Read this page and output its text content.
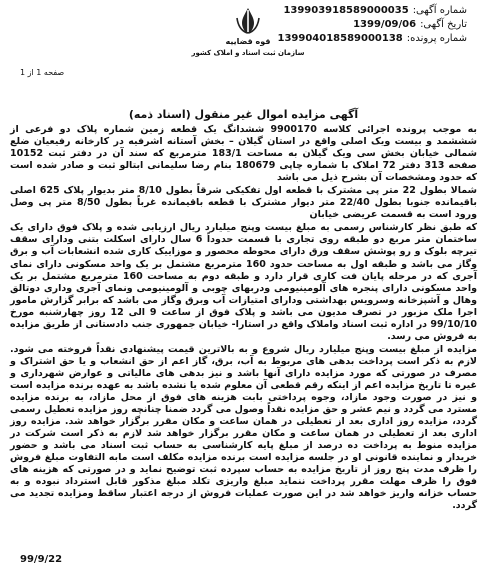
شماره آگهی:
139903918589000035
تاریخ آگهی:
1399/09/06
شماره پرونده:
139904018589000138
قوه قضاییه
سازمان ثبت اسناد و املاک کشور
صفحه 1 از 1
آگهی مزایده اموال غیر منقول (اسناد ذمه)

به موجب پرونده اجرائی کلاسه 9900170 ششدانگ یک قطعه زمین شماره پلاک دو فرعی از شششمد و بیست ویک اصلی واقع در استان گیلان – بخش آستانه اشرفیه در کارخانه رفیعیان ضلع شمالی خیابان بخش سی ویک گیلان به مساحت 183/1 مترمربع که سند آن در دفتر ثبت 10152 صفحه 313 دفتر 72 املاک با شماره چاپی 180679 بنام رضا سلیمانی ابتالو ثبت و صادر شده است که حدود ومشخصات آن بشرح ذیل می باشد

شمالا بطول 22 متر پی مشترک با قطعه اول تفکیکی شرقاً بطول 8/10 متر بدیوار پلاک 625 اصلی باقیمانده جنوبا بطول 22/40 متر دیوار مشترک با قطعه باقیمانده غرباً بطول 8/50 متر پی وصل ورود است به قسمت عریضی خیابان

که طبق نظر کارشناس رسمی به مبلغ بیست وپنج میلیارد ریال ارزیابی شده و پلاک فوق دارای یک ساختمان متر مربع دو طبقه روی تجاری با قسمت حدوداً 6 سال دارای اسکلت بتنی ودارای سقف تیرچه بلوک و رو پوشش سقف ورق دارای محوطه محصور و موزاییک کاری شده انشعابات آب و برق وگاز می باشد و طبقه اول به مساحت حدود 160 مترمربع مشتمل بر یک واحد مسکونی دارای نمای آجری که در مرحله پایان فت کاری قرار دارد و طبقه دوم به مساحت 160 مترمربع مشتمل بر یک واحد مسکونی دارای پنجره های آلومینیومی ودربهای چوبی و آلومینیومی ونمای آجری وداری دوتالق وهال و آشپزخانه وسرویس بهداشتی ودارای امتیازات آب وبرق وگاز می باشد که برابر گزارش مامور اجرا ملک مزبور در تصرف مدیون می باشد و پلاک فوق از ساعت 9 الی 12 روز چهارشنبه مورخ 99/10/10 در اداره ثبت اسناد واملاک واقع در استارا- خیابان جمهوری جنب دادستانی از طریق مزایده به فروش می رسد.

مزایده از مبلغ بیست وپنج میلیارد ریال شروع و به بالاترین قیمت پیشنهادی نقداً فروخته می شود. لازم به ذکر است پرداخت بدهی های مربوط به آب، برق، گاز اعم از حق انشعاب و یا حق اشتراک و مصرف در صورتی که مورد مزایده دارای آنها باشد و نیز بدهی های مالیاتی و عوارض شهرداری و غیره تا تاریخ مزایده اعم از اینکه رقم قطعی آن معلوم شده یا نشده باشد به عهده برنده مزایده است و نیز در صورت وجود مازاد، وجوه پرداختی بابت هزینه های فوق از محل مازاد، به برنده مزایده مسترد می گردد و نیم عشر و حق مزایده نقداً وصول می گردد ضمنا چنانچه روز مزایده تعطیل رسمی گردد، مزایده روز اداری بعد از تعطیلی در همان ساعت و مکان مقرر برگزار خواهد شد. مزایده روز اداری بعد از تعطیلی در همان ساعت و مکان مقرر برگزار خواهد شد لازم به ذکر است شرکت در مزایده منوط به پرداخت ده درصد از مبلغ پایه کارشناسی به حساب ثبت اسناد می باشد و حضور خریدار و نماینده قانونی او در جلسه مزایده است برنده مزایده مکلف است مابه التفاوت مبلغ فروش را ظرف مدت پنج روز از تاریخ مزایده به حساب سپرده ثبت توضیح نماید و در صورتی که هزینه های فوق را ظرف مهلت مقرر پرداخت ننماید مبلغ واریزی تکلد مبلغ مذکور قابل استرداد نبوده و به حساب خزانه واریز خواهد شد در این صورت عملیات فروش از درجه اعتبار ساقط ومزایده تجدید می گردد.

99/9/22
